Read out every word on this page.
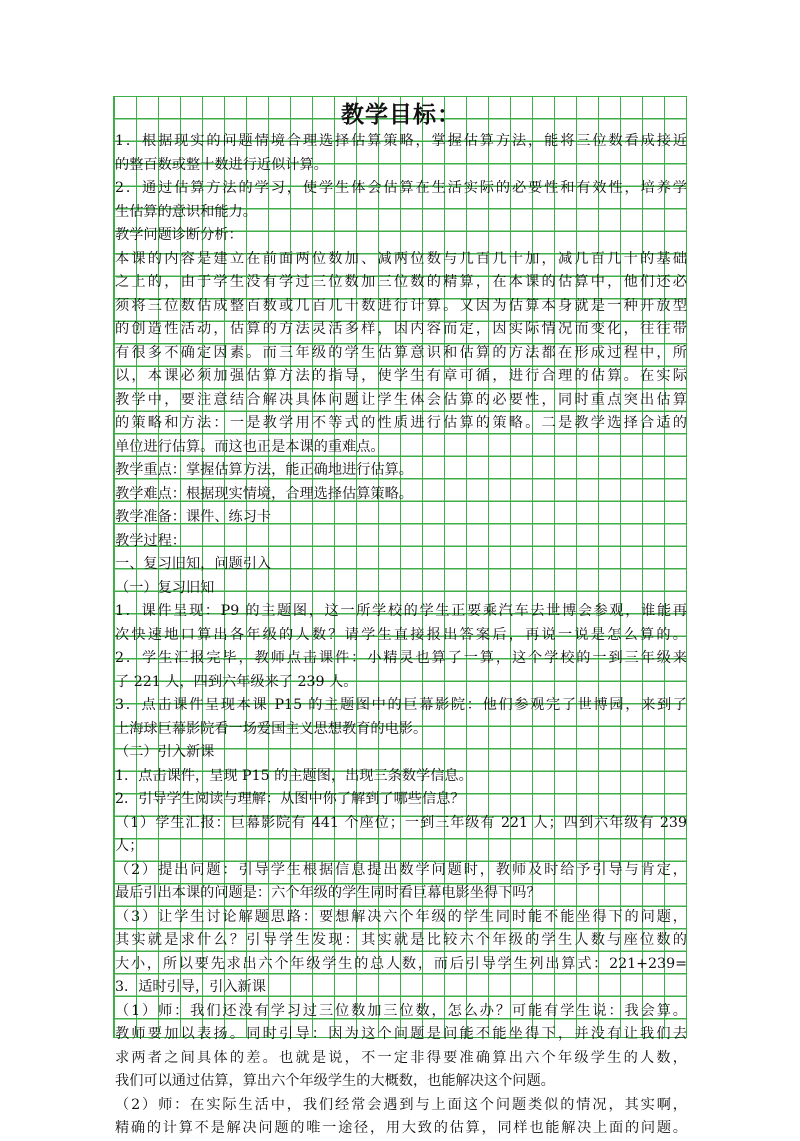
教学目标：
1．根据现实的问题情境合理选择估算策略，掌握估算方法，能将三位数看成接近
的整百数或整十数进行近似计算。
2．通过估算方法的学习，使学生体会估算在生活实际的必要性和有效性，培养学
生估算的意识和能力。
教学问题诊断分析：
本课的内容是建立在前面两位数加、减两位数与几百几十加，减几百几十的基础
之上的，由于学生没有学过三位数加三位数的精算，在本课的估算中，他们还必
须将三位数估成整百数或几百几十数进行计算。又因为估算本身就是一种开放型
的创造性活动，估算的方法灵活多样，因内容而定，因实际情况而变化，往往带
有很多不确定因素。而三年级的学生估算意识和估算的方法都在形成过程中，所
以，本课必须加强估算方法的指导，使学生有章可循，进行合理的估算。在实际
教学中，要注意结合解决具体问题让学生体会估算的必要性，同时重点突出估算
的策略和方法：一是教学用不等式的性质进行估算的策略。二是教学选择合适的
单位进行估算。而这也正是本课的重难点。
教学重点：掌握估算方法，能正确地进行估算。
教学难点：根据现实情境，合理选择估算策略。
教学准备：课件、练习卡
教学过程：
一、复习旧知，问题引入
（一）复习旧知
1．课件呈现：P9 的主题图，这一所学校的学生正要乘汽车去世博会参观，谁能再
次快速地口算出各年级的人数？请学生直接报出答案后，再说一说是怎么算的。
2．学生汇报完毕，教师点击课件：小精灵也算了一算，这个学校的一到三年级来
了 221 人，四到六年级来了 239 人。
3．点击课件呈现本课 P15 的主题图中的巨幕影院：他们参观完了世博园，来到了
上海球巨幕影院看一场爱国主义思想教育的电影。
（二）引入新课
1．点击课件，呈现 P15 的主题图，出现三条数学信息。
2．引导学生阅读与理解：从图中你了解到了哪些信息？
（1）学生汇报：巨幕影院有 441 个座位；一到三年级有 221 人；四到六年级有 239
人；
（2）提出问题：引导学生根据信息提出数学问题时，教师及时给予引导与肯定，
最后引出本课的问题是：六个年级的学生同时看巨幕电影坐得下吗？
（3）让学生讨论解题思路：要想解决六个年级的学生同时能不能坐得下的问题，
其实就是求什么？引导学生发现：其实就是比较六个年级的学生人数与座位数的
大小，所以要先求出六个年级学生的总人数，而后引导学生列出算式：221+239=
3．适时引导，引入新课
（1）师：我们还没有学习过三位数加三位数，怎么办？可能有学生说：我会算。
教师要加以表扬。同时引导：因为这个问题是问能不能坐得下，并没有让我们去
求两者之间具体的差。也就是说，不一定非得要准确算出六个年级学生的人数，
我们可以通过估算，算出六个年级学生的大概数，也能解决这个问题。
（2）师：在实际生活中，我们经常会遇到与上面这个问题类似的情况，其实啊，
精确的计算不是解决问题的唯一途径，用大致的估算，同样也能解决上面的问题。
